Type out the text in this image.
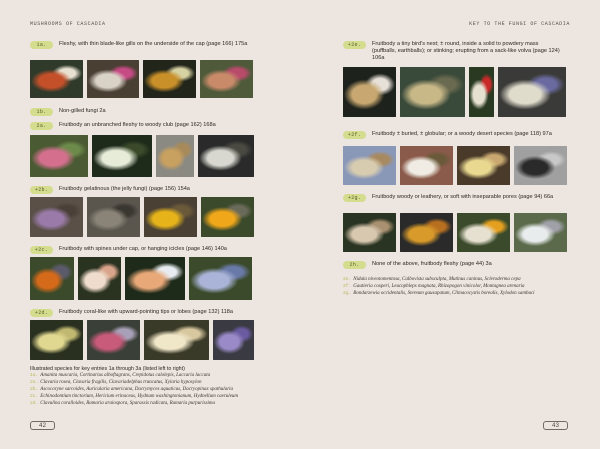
MUSHROOMS OF CASCADIA
1a.	Fleshy, with thin blade-like gills on the underside of the cap (page 166) 175a
1b.	Non-gilled fungi 2a
2a.	Fruitbody an unbranched fleshy to woody club (page 162) 168a
+2b.	Fruitbody gelatinous (the jelly fungi) (page 156) 154a
+2c.	Fruitbody with spines under cap, or hanging icicles (page 146) 140a
+2d.	Fruitbody coral-like with upward-pointing tips or lobes (page 132) 118a
Illustrated species for key entries 1a through 3a (listed left to right)
1a. Amanita muscaria, Cortinarius alboftagrans, Crepidotus calolepis, Laccaria laccata
2a. Clavaria rosea, Clavaria fragilis, Clavariadelphus truncatus, Xylaria hypoxylon
2b. Ascocoryne sarcoides, Auricularia americana, Dacrymyces aquaticus, Dacryopinax spathularia 2c. Echinodontium tinctorium, Hericium erinaceus, Hydnum washingtonianum, Hydnellum caeruleum 2d. Clavulina coralloides, Ramaria araiospora, Sparassis radicata, Ramaria purpurissima
42
KEY TO THE FUNGI OF CASCADIA
+2e.	Fruitbody a tiny bird's nest; ± round, inside a solid to powdery mass (puffballs, earthballs); or stinking; erupting from a sack-like volva (page 124) 106a
+2f.	Fruitbody ± buried, ± globular; or a woody desert species (page 118) 97a
+2g.	Fruitbody woody or leathery, or soft with inseparable pores (page 94) 66a
2h.	None of the above, fruitbody fleshy (page 44) 3a
2e. Nidula niveotomentosa, Calbovista subsculpta, Mutinus caninus, Scleroderma cepa
2f. Gautieria coxperi, Leucophleps magnata, Rhizopogon vinicolor, Montagnea arenaria
2g. Bondarzewia occidentalis, Stereum gausapatum, Climacocystis borealis, Xylodon sambuci
43
